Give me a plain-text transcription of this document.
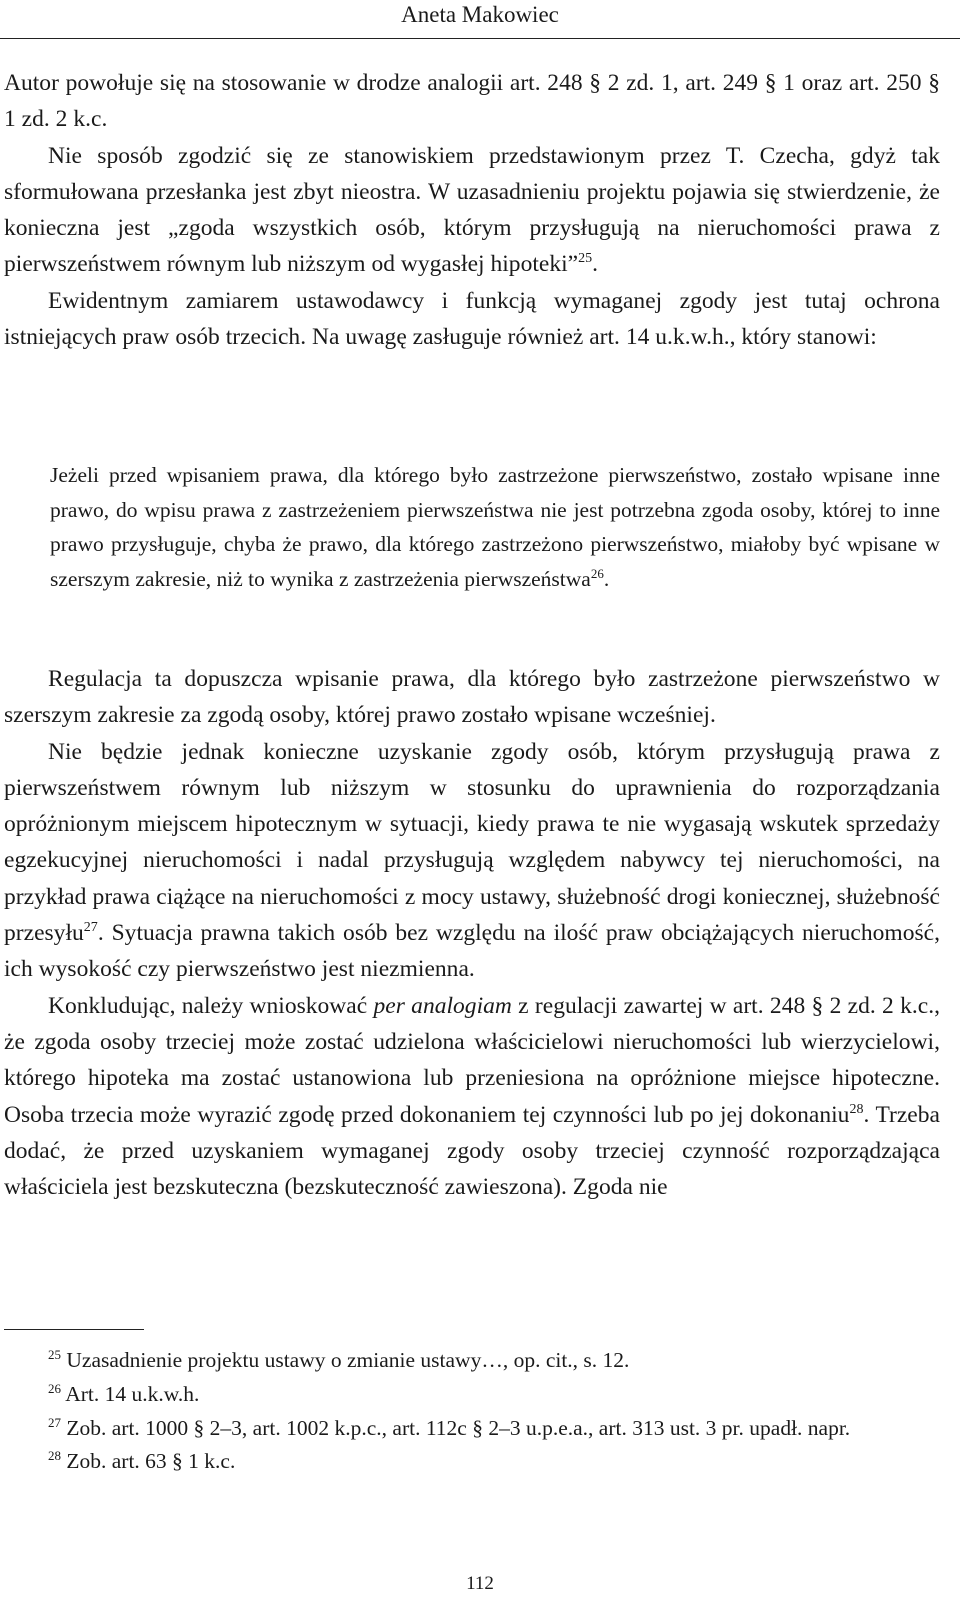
Aneta Makowiec

Autor powołuje się na stosowanie w drodze analogii art. 248 § 2 zd. 1, art. 249 § 1 oraz art. 250 § 1 zd. 2 k.c.

Nie sposób zgodzić się ze stanowiskiem przedstawionym przez T. Czecha, gdyż tak sformułowana przesłanka jest zbyt nieostra. W uzasadnieniu projektu pojawia się stwierdzenie, że konieczna jest „zgoda wszystkich osób, którym przysługują na nieruchomości prawa z pierwszeństwem równym lub niższym od wygasłej hipoteki”$^{25}$.

Ewidentnym zamiarem ustawodawcy i funkcją wymaganej zgody jest tutaj ochrona istniejących praw osób trzecich. Na uwagę zasługuje również art. 14 u.k.w.h., który stanowi:

Jeżeli przed wpisaniem prawa, dla którego było zastrzeżone pierwszeństwo, zostało wpisane inne prawo, do wpisu prawa z zastrzeżeniem pierwszeństwa nie jest potrzebna zgoda osoby, której to inne prawo przysługuje, chyba że prawo, dla którego zastrzeżono pierwszeństwo, miałoby być wpisane w szerszym zakresie, niż to wynika z zastrzeżenia pierwszeństwa$^{26}$.

Regulacja ta dopuszcza wpisanie prawa, dla którego było zastrzeżone pierwszeństwo w szerszym zakresie za zgodą osoby, której prawo zostało wpisane wcześniej.

Nie będzie jednak konieczne uzyskanie zgody osób, którym przysługują prawa z pierwszeństwem równym lub niższym w stosunku do uprawnienia do rozporządzania opróżnionym miejscem hipotecznym w sytuacji, kiedy prawa te nie wygasają wskutek sprzedaży egzekucyjnej nieruchomości i nadal przysługują względem nabywcy tej nieruchomości, na przykład prawa ciążące na nieruchomości z mocy ustawy, służebność drogi koniecznej, służebność przesyłu$^{27}$. Sytuacja prawna takich osób bez względu na ilość praw obciążających nieruchomość, ich wysokość czy pierwszeństwo jest niezmienna.

Konkludując, należy wnioskować per analogiam z regulacji zawartej w art. 248 § 2 zd. 2 k.c., że zgoda osoby trzeciej może zostać udzielona właścicielowi nieruchomości lub wierzycielowi, którego hipoteka ma zostać ustanowiona lub przeniesiona na opróżnione miejsce hipoteczne. Osoba trzecia może wyrazić zgodę przed dokonaniem tej czynności lub po jej dokonaniu$^{28}$. Trzeba dodać, że przed uzyskaniem wymaganej zgody osoby trzeciej czynność rozporządzająca właściciela jest bezskuteczna (bezskuteczność zawieszona). Zgoda nie

$^{25}$ Uzasadnienie projektu ustawy o zmianie ustawy…, op. cit., s. 12.

$^{26}$ Art. 14 u.k.w.h.

$^{27}$ Zob. art. 1000 § 2–3, art. 1002 k.p.c., art. 112c § 2–3 u.p.e.a., art. 313 ust. 3 pr. upadł. napr.

$^{28}$ Zob. art. 63 § 1 k.c.

112
